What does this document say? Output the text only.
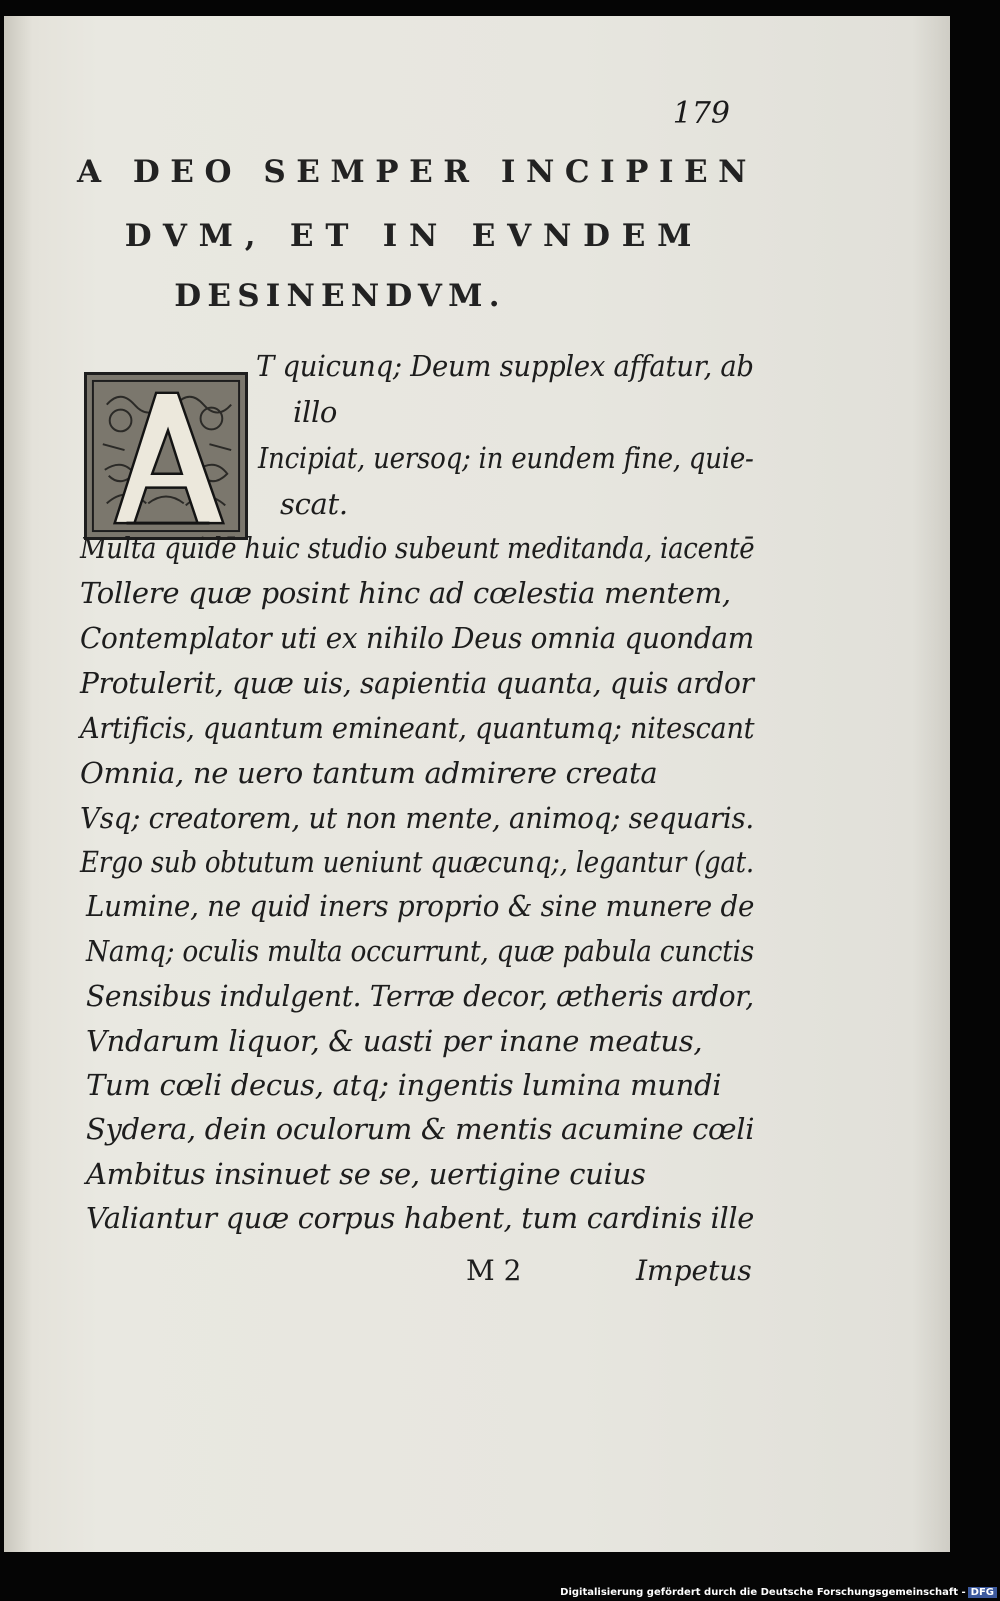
179
A DEO SEMPER INCIPIEN
DVM, ET IN EVNDEM
DESINENDVM.
T quicunq; Deum supplex affatur, ab
illo
Incipiat, uersoq; in eundem fine, quie-
scat.
Multa quidē huic studio subeunt meditanda, iacentē
Tollere quæ posint hinc ad cœlestia mentem,
Contemplator uti ex nihilo Deus omnia quondam
Protulerit, quæ uis, sapientia quanta, quis ardor
Artificis, quantum emineant, quantumq; nitescant
Omnia, ne uero tantum admirere creata
Vsq; creatorem, ut non mente, animoq; sequaris.
Ergo sub obtutum ueniunt quæcunq;, legantur (gat.
Lumine, ne quid iners proprio & sine munere de
Namq; oculis multa occurrunt, quæ pabula cunctis
Sensibus indulgent. Terræ decor, ætheris ardor,
Vndarum liquor, & uasti per inane meatus,
Tum cœli decus, atq; ingentis lumina mundi
Sydera, dein oculorum & mentis acumine cœli
Ambitus insinuet se se, uertigine cuius
Valiantur quæ corpus habent, tum cardinis ille
M 2	Impetus
Digitalisierung gefördert durch die Deutsche Forschungsgemeinschaft - DFG
